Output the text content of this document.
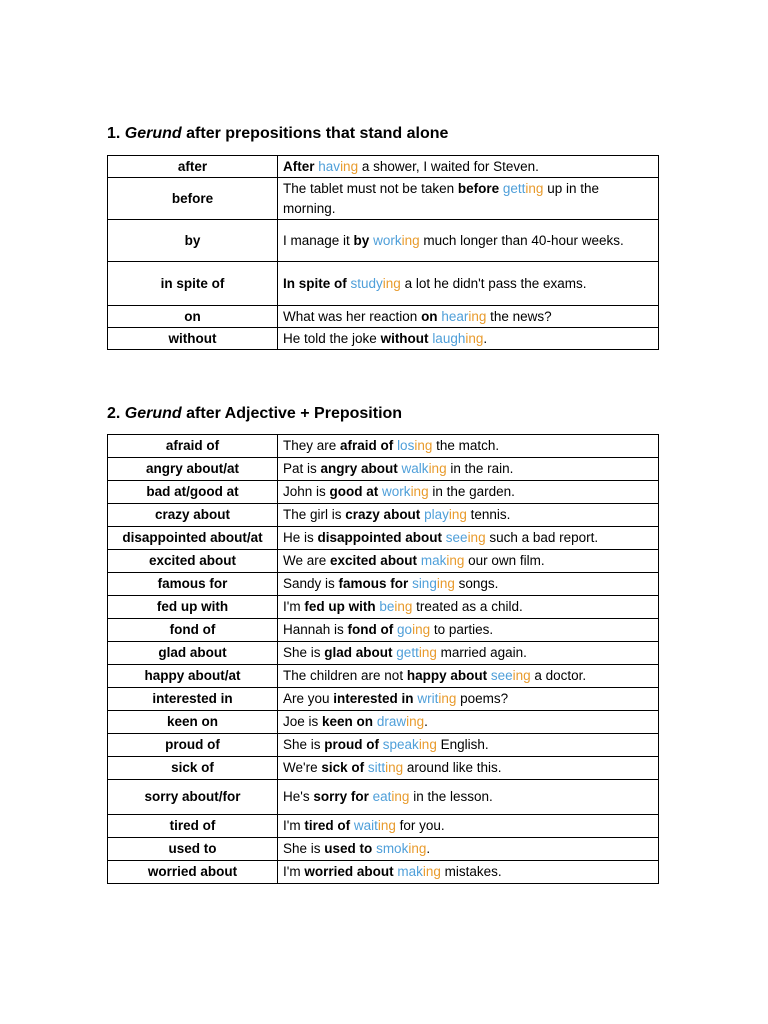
1. Gerund after prepositions that stand alone
after	After having a shower, I waited for Steven.
before	The tablet must not be taken before getting up in the morning.
by	I manage it by working much longer than 40-hour weeks.
in spite of	In spite of studying a lot he didn't pass the exams.
on	What was her reaction on hearing the news?
without	He told the joke without laughing.
2. Gerund after Adjective + Preposition
afraid of	They are afraid of losing the match.
angry about/at	Pat is angry about walking in the rain.
bad at/good at	John is good at working in the garden.
crazy about	The girl is crazy about playing tennis.
disappointed about/at	He is disappointed about seeing such a bad report.
excited about	We are excited about making our own film.
famous for	Sandy is famous for singing songs.
fed up with	I'm fed up with being treated as a child.
fond of	Hannah is fond of going to parties.
glad about	She is glad about getting married again.
happy about/at	The children are not happy about seeing a doctor.
interested in	Are you interested in writing poems?
keen on	Joe is keen on drawing.
proud of	She is proud of speaking English.
sick of	We're sick of sitting around like this.
sorry about/for	He's sorry for eating in the lesson.
tired of	I'm tired of waiting for you.
used to	She is used to smoking.
worried about	I'm worried about making mistakes.
